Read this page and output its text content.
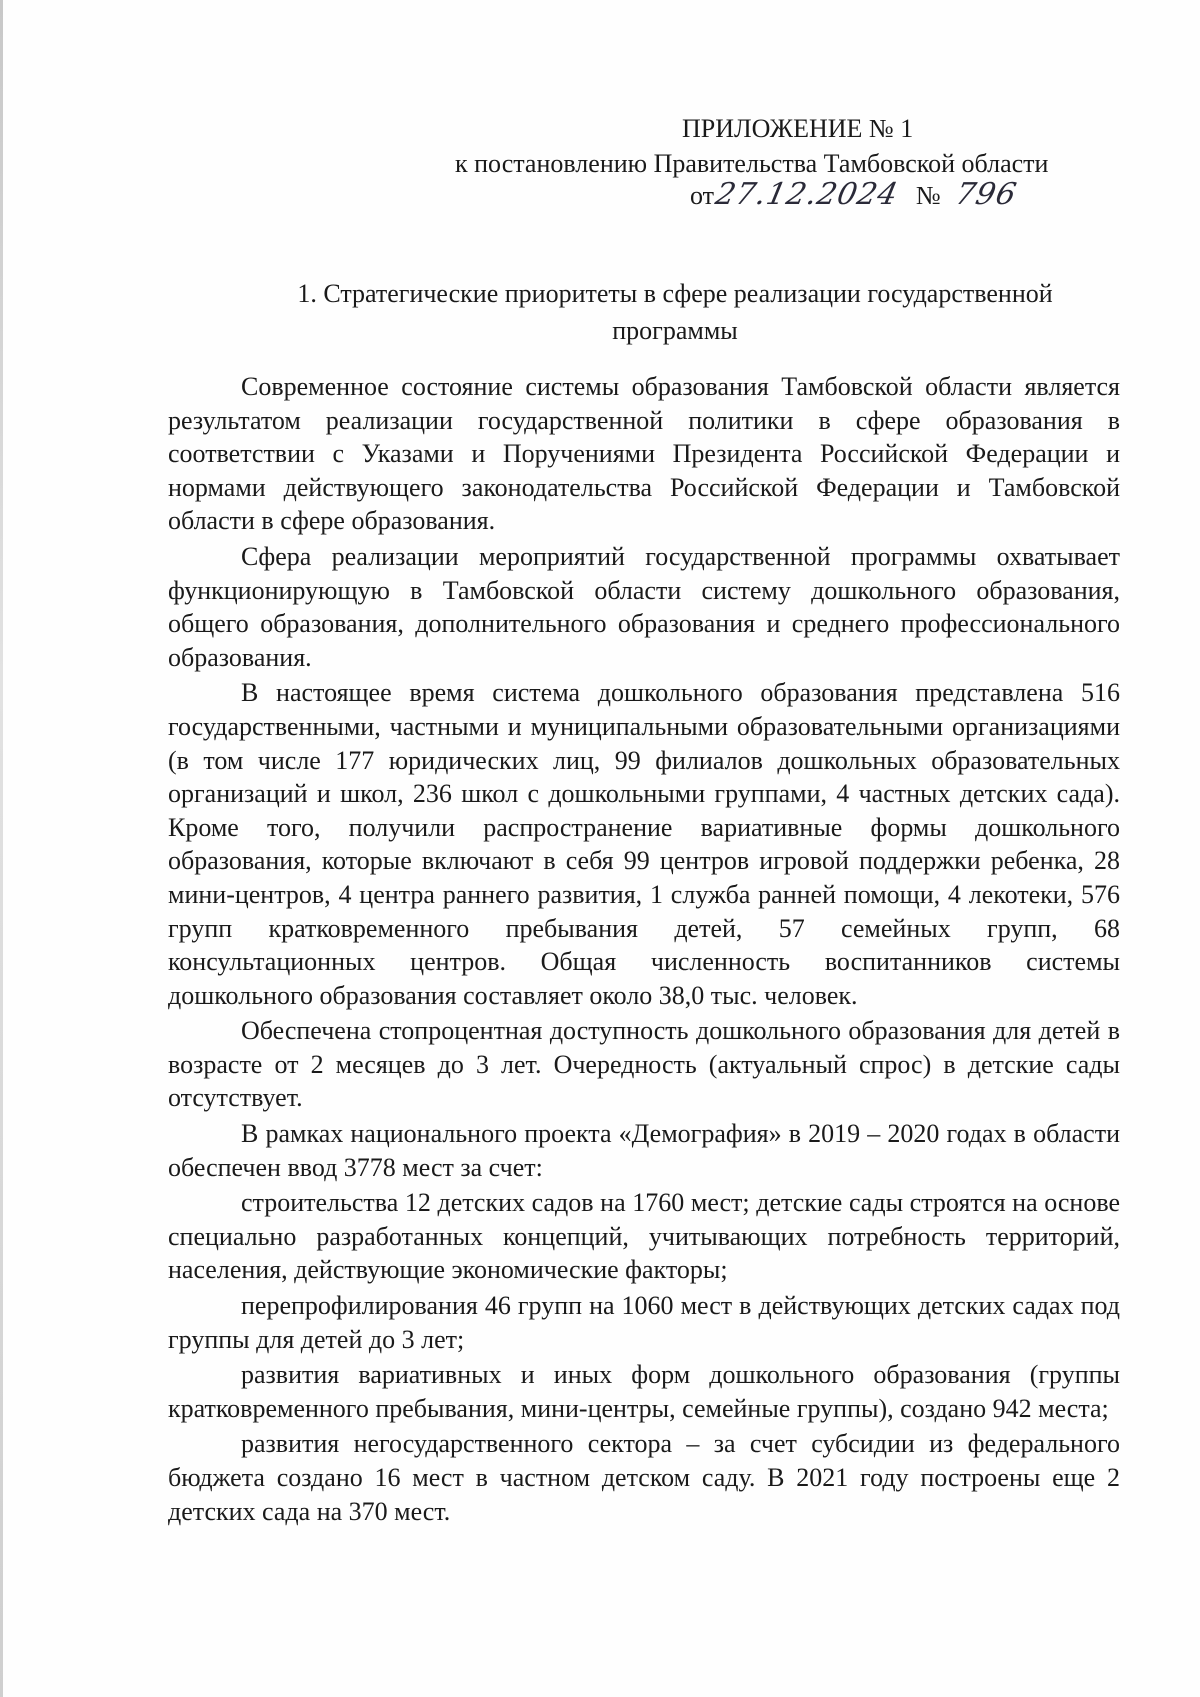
ПРИЛОЖЕНИЕ № 1
к постановлению Правительства Тамбовской области
от27.12.2024 № 796
1. Стратегические приоритеты в сфере реализации государственной программы

Современное состояние системы образования Тамбовской области является результатом реализации государственной политики в сфере образования в соответствии с Указами и Поручениями Президента Российской Федерации и нормами действующего законодательства Российской Федерации и Тамбовской области в сфере образования.

Сфера реализации мероприятий государственной программы охватывает функционирующую в Тамбовской области систему дошкольного образования, общего образования, дополнительного образования и среднего профессионального образования.

В настоящее время система дошкольного образования представлена 516 государственными, частными и муниципальными образовательными организациями (в том числе 177 юридических лиц, 99 филиалов дошкольных образовательных организаций и школ, 236 школ с дошкольными группами, 4 частных детских сада). Кроме того, получили распространение вариативные формы дошкольного образования, которые включают в себя 99 центров игровой поддержки ребенка, 28 мини-центров, 4 центра раннего развития, 1 служба ранней помощи, 4 лекотеки, 576 групп кратковременного пребывания детей, 57 семейных групп, 68 консультационных центров. Общая численность воспитанников системы дошкольного образования составляет около 38,0 тыс. человек.

Обеспечена стопроцентная доступность дошкольного образования для детей в возрасте от 2 месяцев до 3 лет. Очередность (актуальный спрос) в детские сады отсутствует.

В рамках национального проекта «Демография» в 2019 – 2020 годах в области обеспечен ввод 3778 мест за счет:

строительства 12 детских садов на 1760 мест; детские сады строятся на основе специально разработанных концепций, учитывающих потребность территорий, населения, действующие экономические факторы;

перепрофилирования 46 групп на 1060 мест в действующих детских садах под группы для детей до 3 лет;

развития вариативных и иных форм дошкольного образования (группы кратковременного пребывания, мини-центры, семейные группы), создано 942 места;

развития негосударственного сектора – за счет субсидии из федерального бюджета создано 16 мест в частном детском саду. В 2021 году построены еще 2 детских сада на 370 мест.
